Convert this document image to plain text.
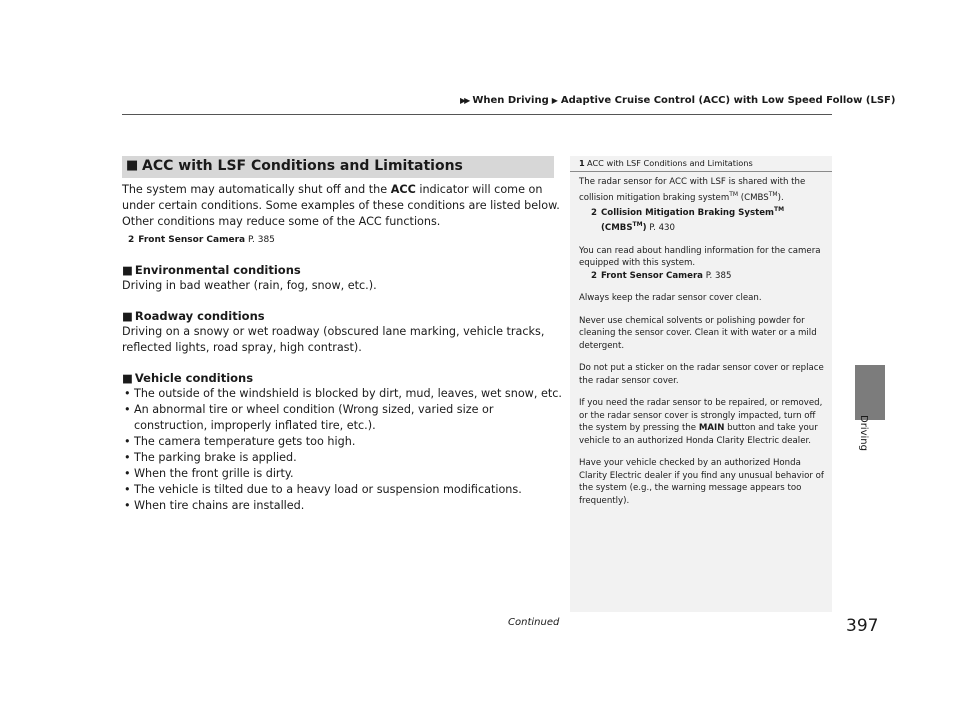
▶▶ When Driving ▶ Adaptive Cruise Control (ACC) with Low Speed Follow (LSF)
Driving
■ ACC with LSF Conditions and Limitations

The system may automatically shut off and the ACC indicator will come on under certain conditions. Some examples of these conditions are listed below. Other conditions may reduce some of the ACC functions.

2 Front Sensor Camera P. 385
■ Environmental conditions

Driving in bad weather (rain, fog, snow, etc.).

■ Roadway conditions

Driving on a snowy or wet roadway (obscured lane marking, vehicle tracks, reflected lights, road spray, high contrast).

■ Vehicle conditions
• The outside of the windshield is blocked by dirt, mud, leaves, wet snow, etc.
• An abnormal tire or wheel condition (Wrong sized, varied size or construction, improperly inflated tire, etc.).
• The camera temperature gets too high.
• The parking brake is applied.
• When the front grille is dirty.
• The vehicle is tilted due to a heavy load or suspension modifications.
• When tire chains are installed.
1 ACC with LSF Conditions and Limitations

The radar sensor for ACC with LSF is shared with the collision mitigation braking system™ (CMBS™).

2 Collision Mitigation Braking System™
(CMBS™) P. 430

You can read about handling information for the camera equipped with this system.

2 Front Sensor Camera P. 385

Always keep the radar sensor cover clean.

Never use chemical solvents or polishing powder for cleaning the sensor cover. Clean it with water or a mild detergent.

Do not put a sticker on the radar sensor cover or replace the radar sensor cover.

If you need the radar sensor to be repaired, or removed, or the radar sensor cover is strongly impacted, turn off the system by pressing the MAIN button and take your vehicle to an authorized Honda Clarity Electric dealer.

Have your vehicle checked by an authorized Honda Clarity Electric dealer if you find any unusual behavior of the system (e.g., the warning message appears too frequently).

Continued	397
